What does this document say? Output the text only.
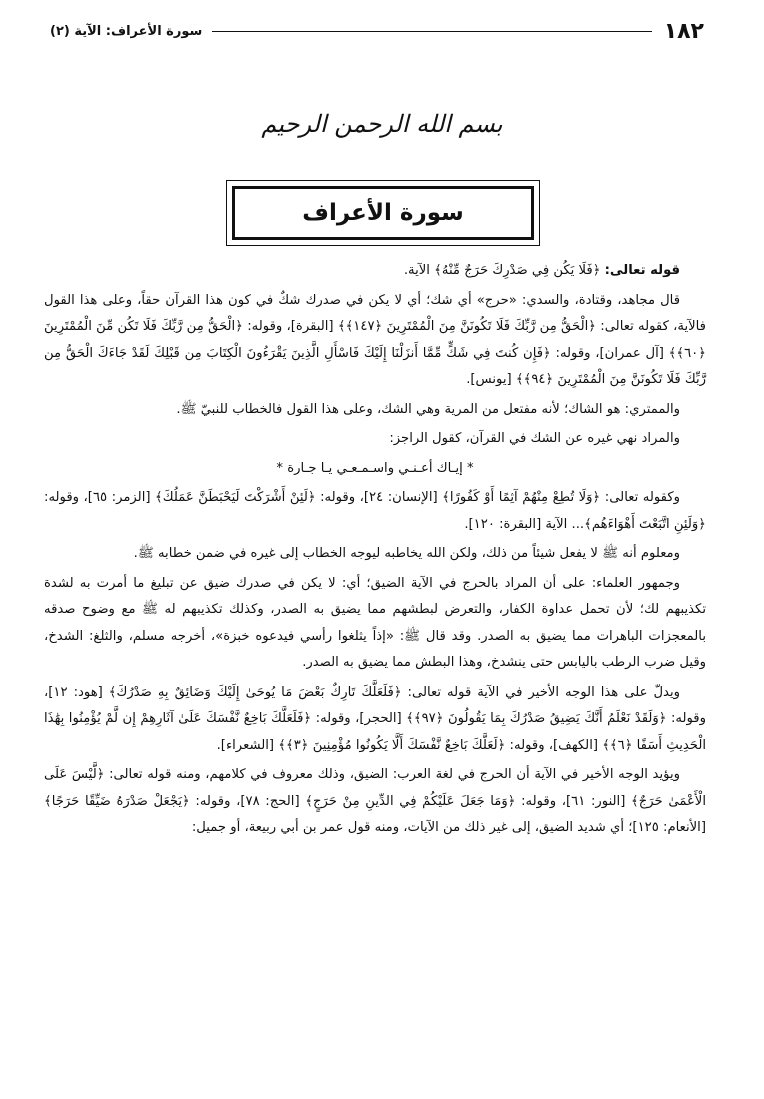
١٨٢
سورة الأعراف: الآية (٢)
بسم الله الرحمن الرحيم
سورة الأعراف

قوله تعالى: ﴿فَلَا يَكُن فِي صَدْرِكَ حَرَجٌ مِّنْهُ﴾ الآية.

قال مجاهد، وقتادة، والسدي: «حرج» أي شك؛ أي لا يكن في صدرك شكٌ في كون هذا القرآن حقاً، وعلى هذا القول فالآية، كقوله تعالى: ﴿الْحَقُّ مِن رَّبِّكَ فَلَا تَكُونَنَّ مِنَ الْمُمْتَرِينَ ﴿١٤٧﴾﴾ [البقرة]، وقوله: ﴿الْحَقُّ مِن رَّبِّكَ فَلَا تَكُن مِّنَ الْمُمْتَرِينَ ﴿٦٠﴾﴾ [آل عمران]، وقوله: ﴿فَإِن كُنتَ فِي شَكٍّ مِّمَّا أَنزَلْنَا إِلَيْكَ فَاسْأَلِ الَّذِينَ يَقْرَءُونَ الْكِتَابَ مِن قَبْلِكَ لَقَدْ جَاءَكَ الْحَقُّ مِن رَّبِّكَ فَلَا تَكُونَنَّ مِنَ الْمُمْتَرِينَ ﴿٩٤﴾﴾ [يونس].

والممتري: هو الشاك؛ لأنه مفتعل من المرية وهي الشك، وعلى هذا القول فالخطاب للنبيّ ﷺ.

والمراد نهي غيره عن الشك في القرآن، كقول الراجز:

* إيـاك أعـنـي واسـمـعـي يـا جـارة *

وكقوله تعالى: ﴿وَلَا تُطِعْ مِنْهُمْ آثِمًا أَوْ كَفُورًا﴾ [الإنسان: ٢٤]، وقوله: ﴿لَئِنْ أَشْرَكْتَ لَيَحْبَطَنَّ عَمَلُكَ﴾ [الزمر: ٦٥]، وقوله: ﴿وَلَئِنِ اتَّبَعْتَ أَهْوَاءَهُم﴾... الآية [البقرة: ١٢٠].

ومعلوم أنه ﷺ لا يفعل شيئاً من ذلك، ولكن الله يخاطبه ليوجه الخطاب إلى غيره في ضمن خطابه ﷺ.

وجمهور العلماء: على أن المراد بالحرج في الآية الضيق؛ أي: لا يكن في صدرك ضيق عن تبليغ ما أمرت به لشدة تكذيبهم لك؛ لأن تحمل عداوة الكفار، والتعرض لبطشهم مما يضيق به الصدر، وكذلك تكذيبهم له ﷺ مع وضوح صدقه بالمعجزات الباهرات مما يضيق به الصدر. وقد قال ﷺ: «إذاً يثلغوا رأسي فيدعوه خبزة»، أخرجه مسلم، والثلغ: الشدخ، وقيل ضرب الرطب باليابس حتى ينشدخ، وهذا البطش مما يضيق به الصدر.

ويدلّ على هذا الوجه الأخير في الآية قوله تعالى: ﴿فَلَعَلَّكَ تَارِكٌ بَعْضَ مَا يُوحَىٰ إِلَيْكَ وَضَائِقٌ بِهِ صَدْرُكَ﴾ [هود: ١٢]، وقوله: ﴿وَلَقَدْ نَعْلَمُ أَنَّكَ يَضِيقُ صَدْرُكَ بِمَا يَقُولُونَ ﴿٩٧﴾﴾ [الحجر]، وقوله: ﴿فَلَعَلَّكَ بَاخِعٌ نَّفْسَكَ عَلَىٰ آثَارِهِمْ إِن لَّمْ يُؤْمِنُوا بِهَٰذَا الْحَدِيثِ أَسَفًا ﴿٦﴾﴾ [الكهف]، وقوله: ﴿لَعَلَّكَ بَاخِعٌ نَّفْسَكَ أَلَّا يَكُونُوا مُؤْمِنِينَ ﴿٣﴾﴾ [الشعراء].

ويؤيد الوجه الأخير في الآية أن الحرج في لغة العرب: الضيق، وذلك معروف في كلامهم، ومنه قوله تعالى: ﴿لَّيْسَ عَلَى الْأَعْمَىٰ حَرَجٌ﴾ [النور: ٦١]، وقوله: ﴿وَمَا جَعَلَ عَلَيْكُمْ فِي الدِّينِ مِنْ حَرَجٍ﴾ [الحج: ٧٨]، وقوله: ﴿يَجْعَلْ صَدْرَهُ ضَيِّقًا حَرَجًا﴾ [الأنعام: ١٢٥]؛ أي شديد الضيق، إلى غير ذلك من الآيات، ومنه قول عمر بن أبي ربيعة، أو جميل:
